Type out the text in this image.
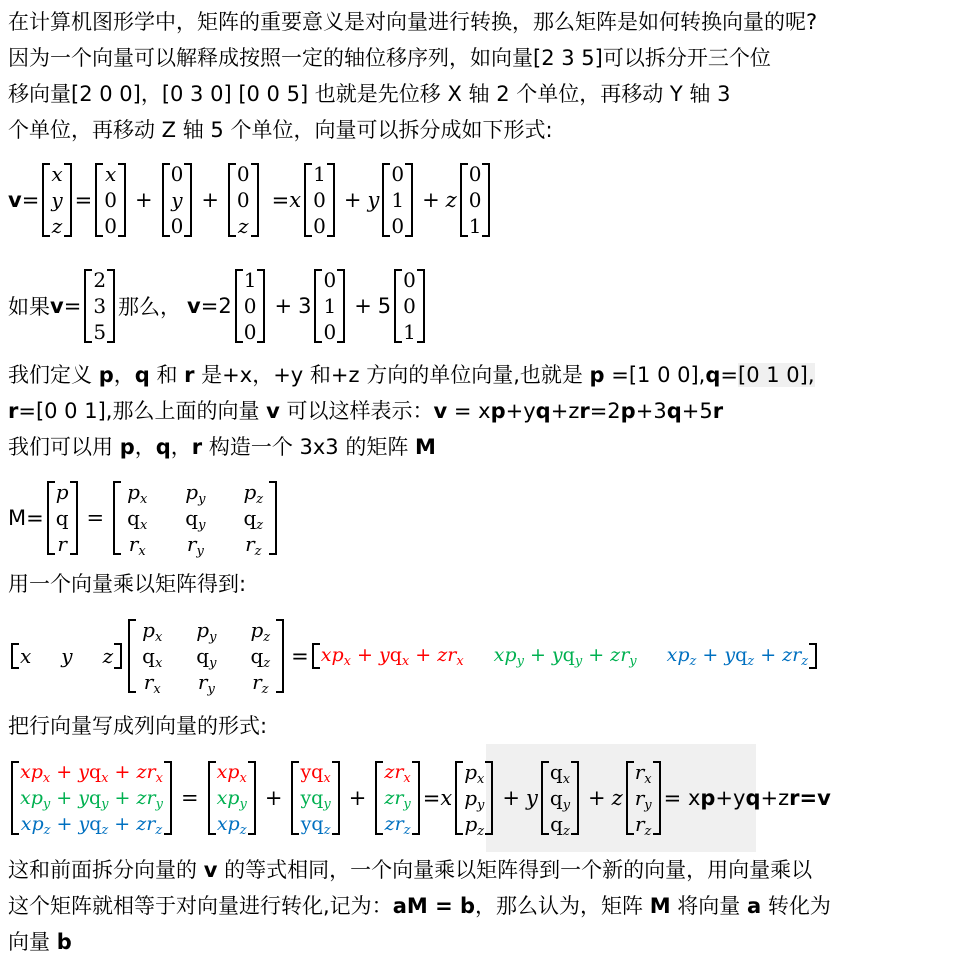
在计算机图形学中，矩阵的重要意义是对向量进行转换，那么矩阵是如何转换向量的呢?
因为一个向量可以解释成按照一定的轴位移序列，如向量[2 3 5]可以拆分开三个位
移向量[2 0 0]，[0 3 0] [0 0 5] 也就是先位移 X 轴 2 个单位，再移动 Y 轴 3
个单位，再移动 Z 轴 5 个单位，向量可以拆分成如下形式:
v =
x
y
z
=
x
0
0
+
0
y
0
+
0
0
z
= x
1
0
0
+ y
0
1
0
+ z
0
0
1
如果 v =
2
3
5
那么， v = 2
1
0
0
+ 3
0
1
0
+ 5
0
0
1
我们定义 p，q 和 r 是+x，+y 和+z 方向的单位向量,也就是 p =[1 0 0],q=[0 1 0],
r=[0 0 1],那么上面的向量 v 可以这样表示：v = xp+yq+zr=2p+3q+5r
我们可以用 p，q，r 构造一个 3x3 的矩阵 M
M=
p
q
r
=
$p_x$ $p_y$ $p_z$
$q_x$ $q_y$ $q_z$
$r_x$ $r_y$ $r_z$
用一个向量乘以矩阵得到:
x y z
$p_x$ $p_y$ $p_z$
$q_x$ $q_y$ $q_z$
$r_x$ $r_y$ $r_z$
= $xp_x + yq_x + zr_x$ $xp_y + yq_y + zr_y$ $xp_z + yq_z + zr_z$
把行向量写成列向量的形式:
$xp_x + yq_x + zr_x$
$xp_y + yq_y + zr_y$
$xp_z + yq_z + zr_z$
=
$xp_x$
$xp_y$
$xp_z$
+
$yq_x$
$yq_y$
$yq_z$
+
$zr_x$
$zr_y$
$zr_z$
= x
$p_x$
$p_y$
$p_z$
+ y
$q_x$
$q_y$
$q_z$
+ z
$r_x$
$r_y$
$r_z$
= xp+yq+zr=v
这和前面拆分向量的 v 的等式相同，一个向量乘以矩阵得到一个新的向量，用向量乘以
这个矩阵就相等于对向量进行转化,记为：aM = b，那么认为，矩阵 M 将向量 a 转化为
向量 b
